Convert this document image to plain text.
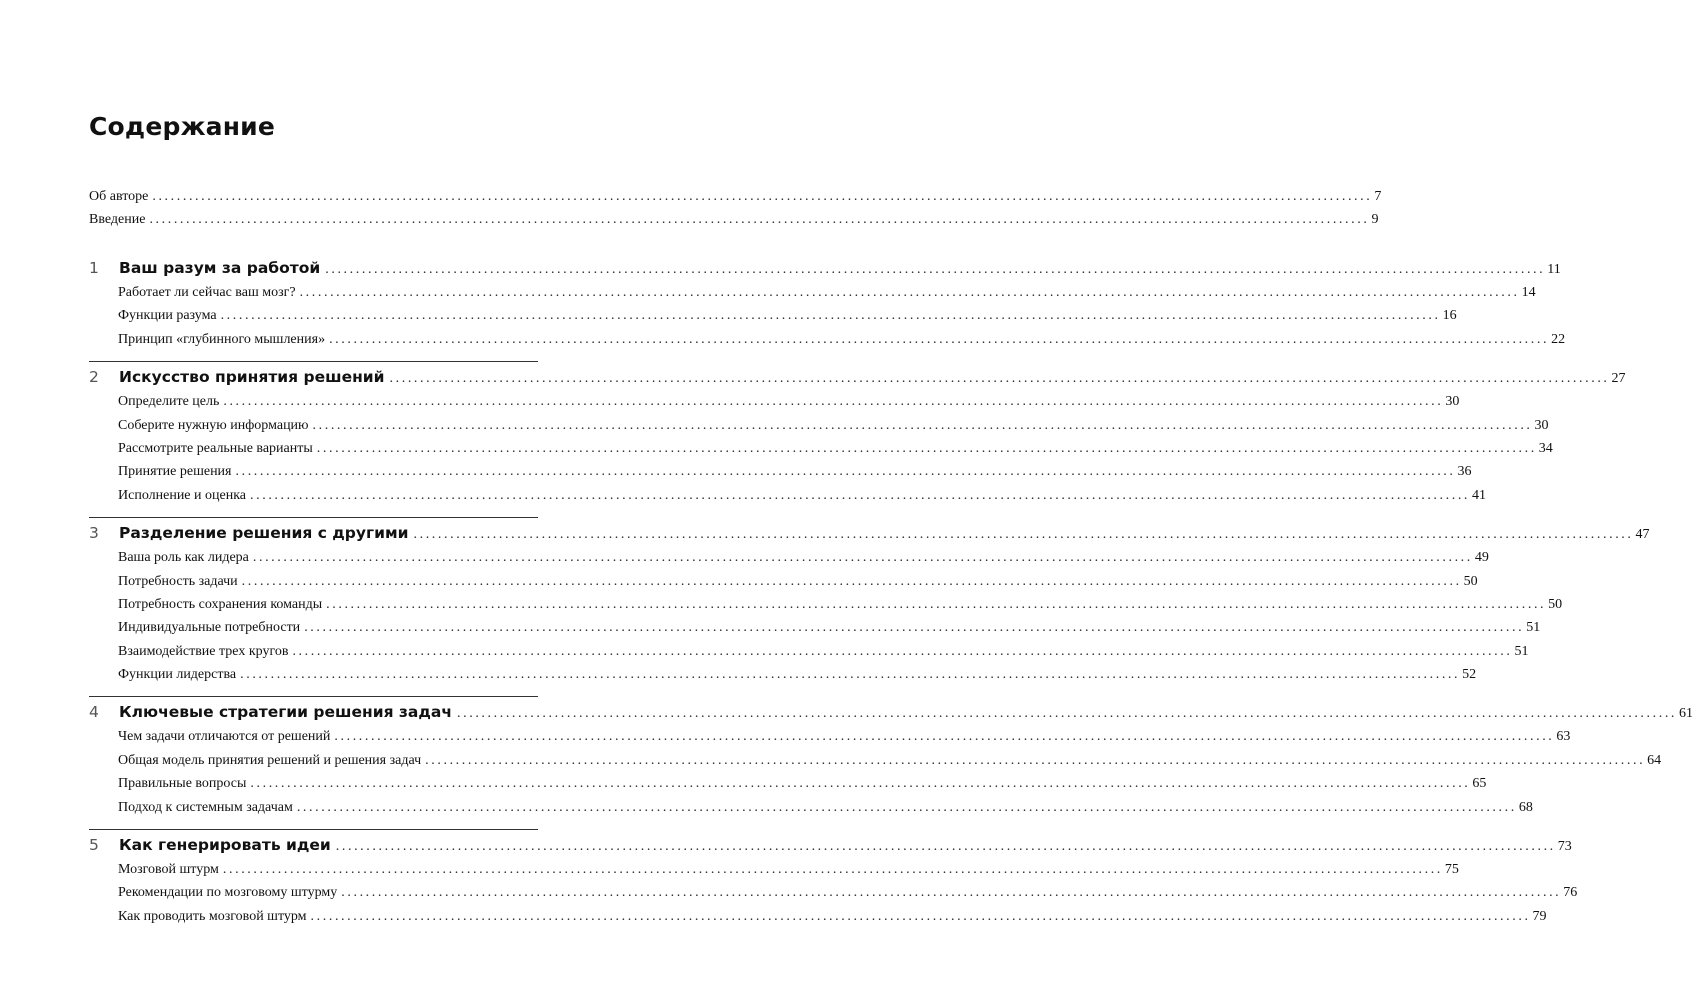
Содержание
Об авторе ........................................................................................................................................................................................................ 7
Введение ........................................................................................................................................................................................................ 9
1	Ваш разум за работой ........................................................................................................................................................................................................ 11
Работает ли сейчас ваш мозг? ........................................................................................................................................................................................................ 14
Функции разума ........................................................................................................................................................................................................ 16
Принцип «глубинного мышления» ........................................................................................................................................................................................................ 22
2	Искусство принятия решений ........................................................................................................................................................................................................ 27
Определите цель ........................................................................................................................................................................................................ 30
Соберите нужную информацию ........................................................................................................................................................................................................ 30
Рассмотрите реальные варианты ........................................................................................................................................................................................................ 34
Принятие решения ........................................................................................................................................................................................................ 36
Исполнение и оценка ........................................................................................................................................................................................................ 41
3	Разделение решения с другими ........................................................................................................................................................................................................ 47
Ваша роль как лидера ........................................................................................................................................................................................................ 49
Потребность задачи ........................................................................................................................................................................................................ 50
Потребность сохранения команды ........................................................................................................................................................................................................ 50
Индивидуальные потребности ........................................................................................................................................................................................................ 51
Взаимодействие трех кругов ........................................................................................................................................................................................................ 51
Функции лидерства ........................................................................................................................................................................................................ 52
4	Ключевые стратегии решения задач ........................................................................................................................................................................................................ 61
Чем задачи отличаются от решений ........................................................................................................................................................................................................ 63
Общая модель принятия решений и решения задач ........................................................................................................................................................................................................ 64
Правильные вопросы ........................................................................................................................................................................................................ 65
Подход к системным задачам ........................................................................................................................................................................................................ 68
5	Как генерировать идеи ........................................................................................................................................................................................................ 73
Мозговой штурм ........................................................................................................................................................................................................ 75
Рекомендации по мозговому штурму ........................................................................................................................................................................................................ 76
Как проводить мозговой штурм ........................................................................................................................................................................................................ 79
